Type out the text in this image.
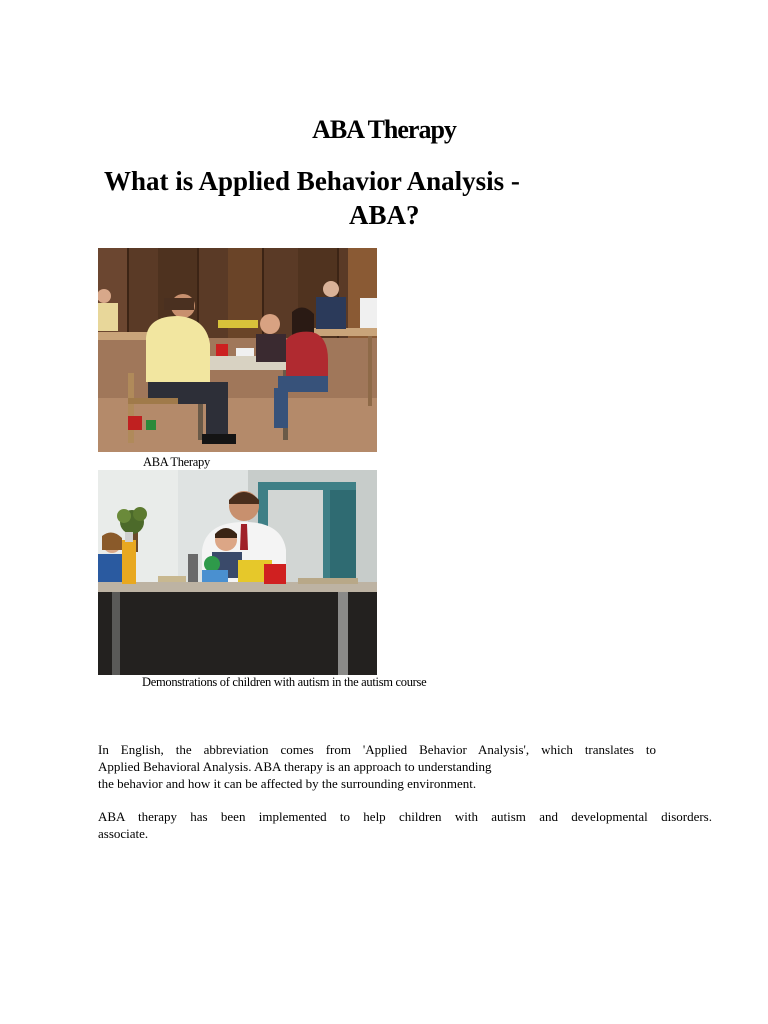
ABA Therapy
What is Applied Behavior Analysis -
ABA?
ABA Therapy
Demonstrations of children with autism in the autism course
In English, the abbreviation comes from 'Applied Behavior Analysis', which translates to
Applied Behavioral Analysis. ABA therapy is an approach to understanding
the behavior and how it can be affected by the surrounding environment.
ABA therapy has been implemented to help children with autism and developmental disorders.
associate.
